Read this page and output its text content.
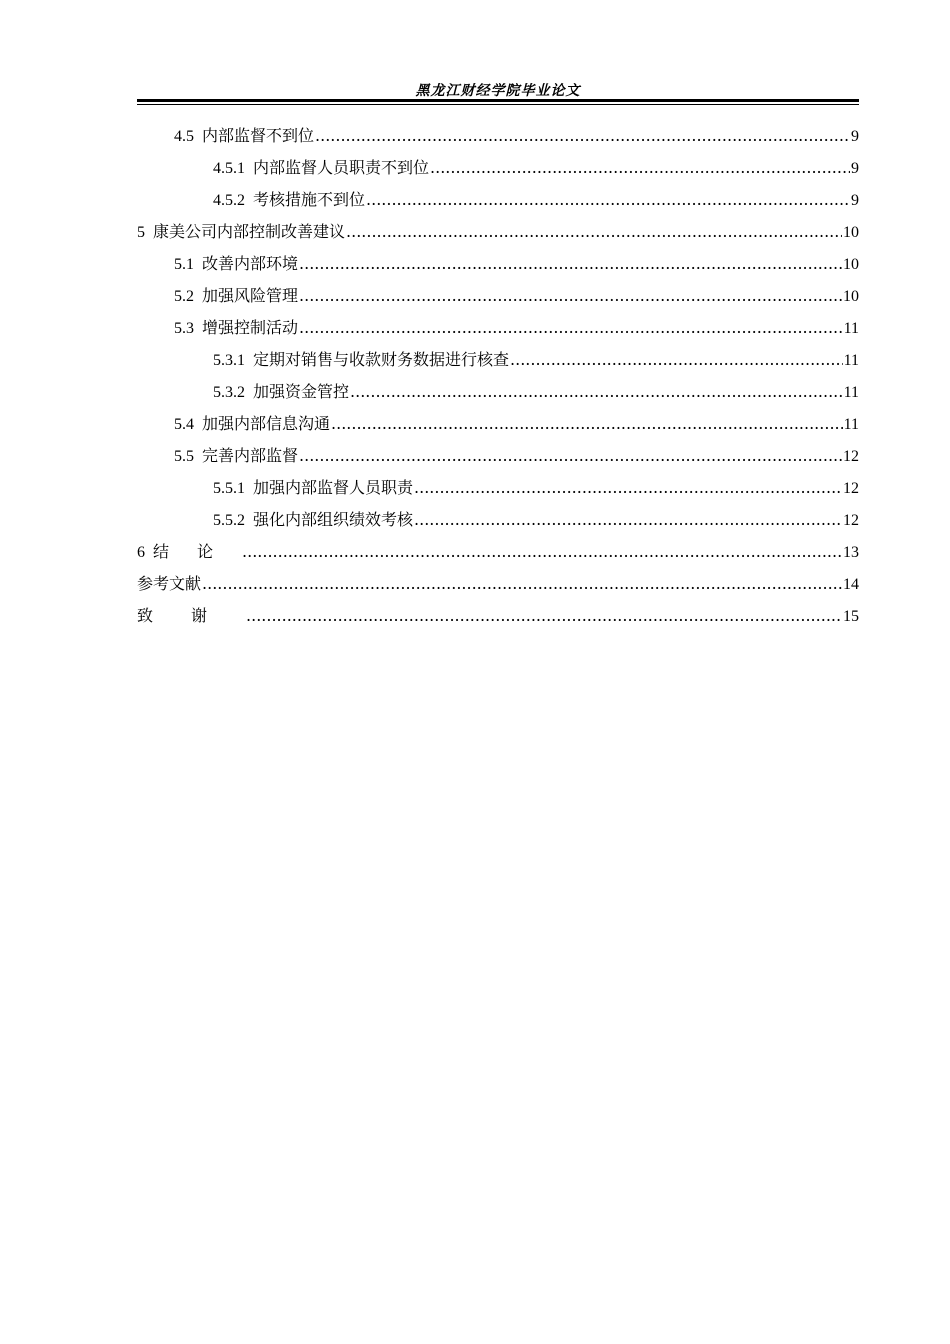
黑龙江财经学院毕业论文
4.5 内部监督不到位 .....	9
4.5.1 内部监督人员职责不到位 .....	9
4.5.2 考核措施不到位 .....	9
5 康美公司内部控制改善建议 .....	10
5.1 改善内部环境 .....	10
5.2 加强风险管理 .....	10
5.3 增强控制活动 .....	11
5.3.1 定期对销售与收款财务数据进行核查 .....	11
5.3.2 加强资金管控 .....	11
5.4 加强内部信息沟通 .....	11
5.5 完善内部监督 .....	12
5.5.1 加强内部监督人员职责 .....	12
5.5.2 强化内部组织绩效考核 .....	12
6 结论 .....	13
参考文献 .....	14
致谢 .....	15
